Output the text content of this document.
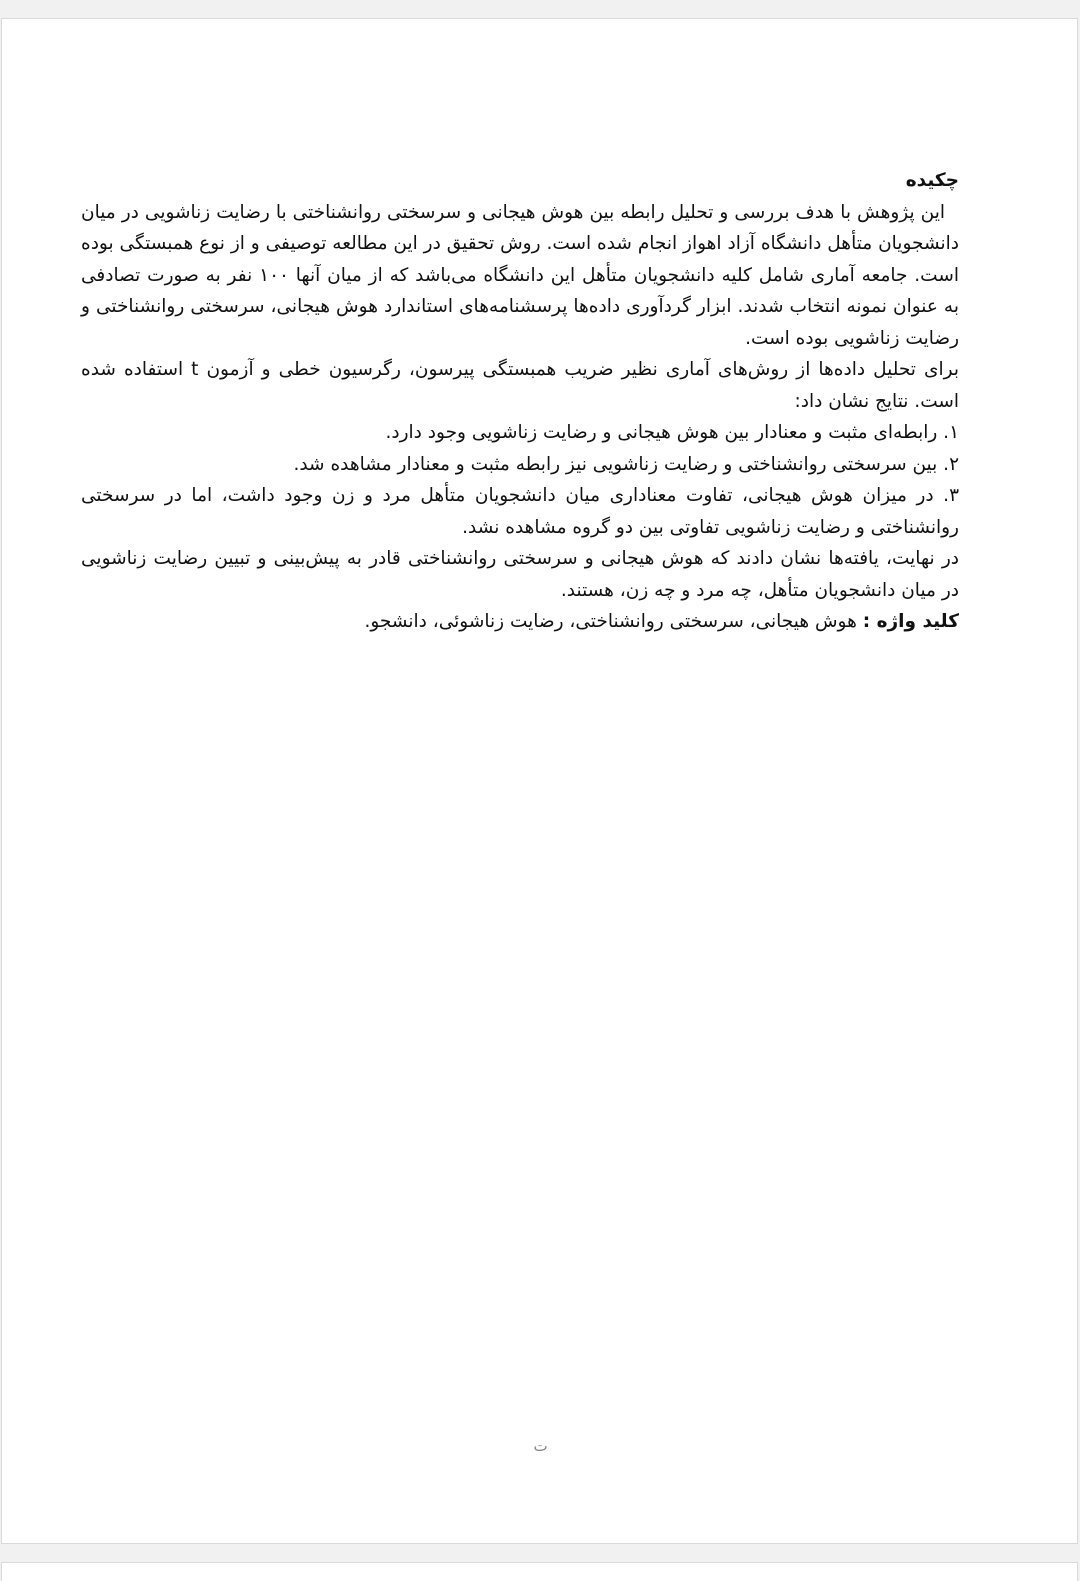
چکیده

این پژوهش با هدف بررسی و تحلیل رابطه بین هوش هیجانی و سرسختی روانشناختی با رضایت زناشویی در میان دانشجویان متأهل دانشگاه آزاد اهواز انجام شده است. روش تحقیق در این مطالعه توصیفی و از نوع همبستگی بوده است. جامعه آماری شامل کلیه دانشجویان متأهل این دانشگاه می‌باشد که از میان آنها ۱۰۰ نفر به صورت تصادفی به عنوان نمونه انتخاب شدند. ابزار گردآوری داده‌ها پرسشنامه‌های استاندارد هوش هیجانی، سرسختی روانشناختی و رضایت زناشویی بوده است.

برای تحلیل داده‌ها از روش‌های آماری نظیر ضریب همبستگی پیرسون، رگرسیون خطی و آزمون t استفاده شده است. نتایج نشان داد:

۱. رابطه‌ای مثبت و معنادار بین هوش هیجانی و رضایت زناشویی وجود دارد.

۲. بین سرسختی روانشناختی و رضایت زناشویی نیز رابطه مثبت و معنادار مشاهده شد.

۳. در میزان هوش هیجانی، تفاوت معناداری میان دانشجویان متأهل مرد و زن وجود داشت، اما در سرسختی روانشناختی و رضایت زناشویی تفاوتی بین دو گروه مشاهده نشد.

در نهایت، یافته‌ها نشان دادند که هوش هیجانی و سرسختی روانشناختی قادر به پیش‌بینی و تبیین رضایت زناشویی در میان دانشجویان متأهل، چه مرد و چه زن، هستند.

کلید واژه : هوش هیجانی، سرسختی روانشناختی، رضایت زناشوئی، دانشجو.

ت
